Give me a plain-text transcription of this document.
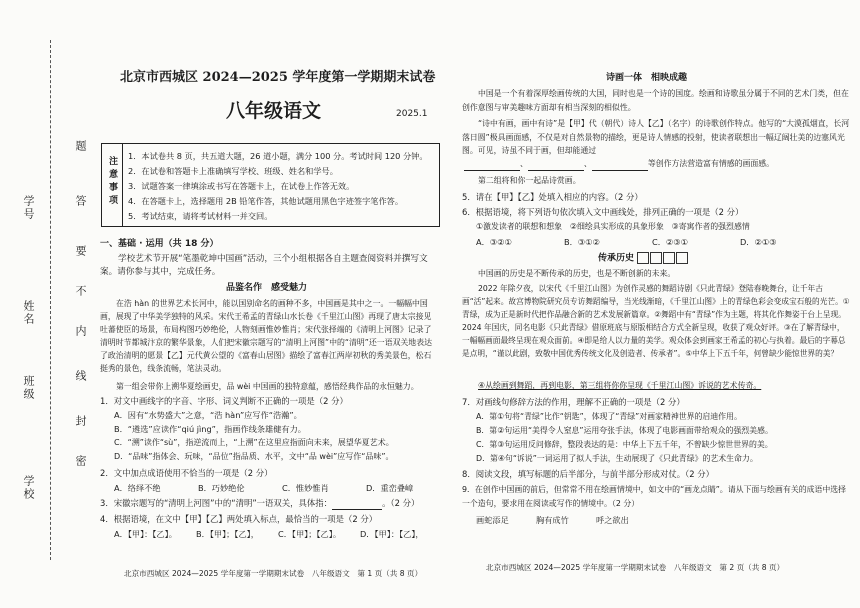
学校
班级
姓名
学号
密
封
线
内
不
要
答
题
北京市西城区 2024—2025 学年度第一学期期末试卷
八年级语文	2025.1
注意事项 1．本试卷共 8 页，共五道大题，26 道小题，满分 100 分。考试时间 120 分钟。
2．在试卷和答题卡上准确填写学校、班级、姓名和学号。
3．试题答案一律填涂或书写在答题卡上，在试卷上作答无效。
4．在答题卡上，选择题用 2B 铅笔作答，其他试题用黑色字迹签字笔作答。
5．考试结束，请将考试材料一并交回。
一、基础 · 运用（共 18 分）
学校艺术节开展“笔墨乾坤中国画”活动，三个小组根据各自主题查阅资料并撰写文
案。请你参与其中，完成任务。
品鉴名作　感受魅力
在浩 hàn 的世界艺术长河中，能以国别命名的画种不多，中国画是其中之一。一幅幅中国画，展现了中华美学独特的风采。宋代王希孟的青绿山水长卷《千里江山图》再现了唐太宗接见吐蕃使臣的场景，布局构图巧妙绝伦，人物刻画惟妙惟肖；宋代张择端的《清明上河图》记录了清明时节都城汴京的繁华景象，人们把宋徽宗题写的“清明上河图”中的“清明”还一语双关地表达了政治清明的愿景【乙】元代黄公望的《富春山居图》描绘了富春江两岸初秋的秀美景色，松石挺秀的景色，线条流畅，笔法灵动。
第一组会带你上溯华夏绘画史，品 wèi 中国画的独特意蕴，感悟经典作品的永恒魅力。
1．对文中画线字的字音、字形、词义判断不正确的一项是（2 分）
A．因有“水势盛大”之意，“浩 hàn”应写作“浩瀚”。
B．“遴选”应读作“qiú jìng”，指画作线条雄健有力。
C．“溯”读作“sù”，指逆流而上，“上溯”在这里应指面向未来，展望华夏艺术。
D．“品味”指体会、玩味，“品位”指品质、水平，文中“品 wèi”应写作“品味”。
2．文中加点成语使用不恰当的一项是（2 分）
A．络绎不绝	B．巧妙绝伦	C．惟妙惟肖	D．重峦叠嶂
3．宋徽宗题写的“清明上河图”中的“清明”一语双关，具体指：	。（2 分）
4．根据语境，在文中【甲】【乙】两处填入标点，最恰当的一项是（2 分）
A．【甲】：【乙】。 B．【甲】；【乙】， C．【甲】；【乙】。 D．【甲】：【乙】，
北京市西城区 2024—2025 学年度第一学期期末试卷　八年级语文　第 1 页（共 8 页）
诗画一体　相映成趣
中国是一个有着深厚绘画传统的大国，同时也是一个诗的国度。绘画和诗歌虽分属于不同的艺术门类，但在创作意图与审美趣味方面却有相当深刻的相似性。
“诗中有画，画中有诗”是【甲】代（朝代）诗人【乙】（名字）的诗歌创作特点。他写的“大漠孤烟直，长河落日圆”极具画面感，不仅是对自然景物的描绘，更是诗人情感的投射，使读者联想出一幅辽阔壮美的边塞风光图。可见，诗虽不同于画，但却能通过
、	、	等创作方法营造富有情感的画面感。
第二组将和你一起品诗赏画。
5．请在【甲】【乙】处填入相应的内容。（2 分）
6．根据语境，将下列语句依次填入文中画线处，排列正确的一项是（2 分）
①激发读者的联想和想象　②细绘具实形成的具象形象　③寄寓作者的强烈感情
A．③②①	B．③①②	C．②③①	D．②①③
传承历史
中国画的历史是不断传承的历史，也是不断创新的未来。
2022 年除夕夜，以宋代《千里江山图》为创作灵感的舞蹈诗剧《只此青绿》登陆春晚舞台，让千年古画“活”起来。故宫博物院研究员专访舞蹈编导，当光线渐暗，《千里江山图》上的青绿色彩会变成宝石般的光芒。①青绿，成为正是新时代把作品融合新的艺术发展新篇章。②舞蹈中有“青绿”作为主题，将其化作舞姿于台上呈现。2024 年国庆，同名电影《只此青绿》借原班底与原版相结合方式全新呈现，收获了观众好评。③在了解青绿中，一幅幅画面最终呈现在观众面前。④即是给人以力量的美学。观众体会到画家王希孟的初心与执着。最后的字幕总是点明，“谨以此剧，致敬中国优秀传统文化及创造者、传承者”。⑤中华上下五千年，何曾缺少能惊世界的美？
④从绘画到舞蹈，再到电影，第三组将你你呈现《千里江山图》诉说的艺术传奇。
7．对画线句修辞方法的作用，理解不正确的一项是（2 分）
A．第①句将“青绿”比作“钥匙”，体现了“青绿”对画家精神世界的启迪作用。
B．第②句运用“美得令人窒息”运用夸张手法，体现了电影画面带给观众的强烈美感。
C．第③句运用反问修辞，整段表达的是：中华上下五千年，不曾缺少惊世世界的美。
D．第④句“诉说”一词运用了拟人手法，生动展现了《只此青绿》的艺术生命力。
8．阅读文段，填写标题的后半部分，与前半部分形成对仗。（2 分）
9．在创作中国画的前后，但常常不用在绘画情境中，如文中的“画龙点睛”。请从下面与绘画有关的成语中选择一个造句，要求用在阅读或写作的情境中。（2 分）
画蛇添足	胸有成竹	呼之欲出
北京市西城区 2024—2025 学年度第一学期期末试卷　八年级语文　第 2 页（共 8 页）
